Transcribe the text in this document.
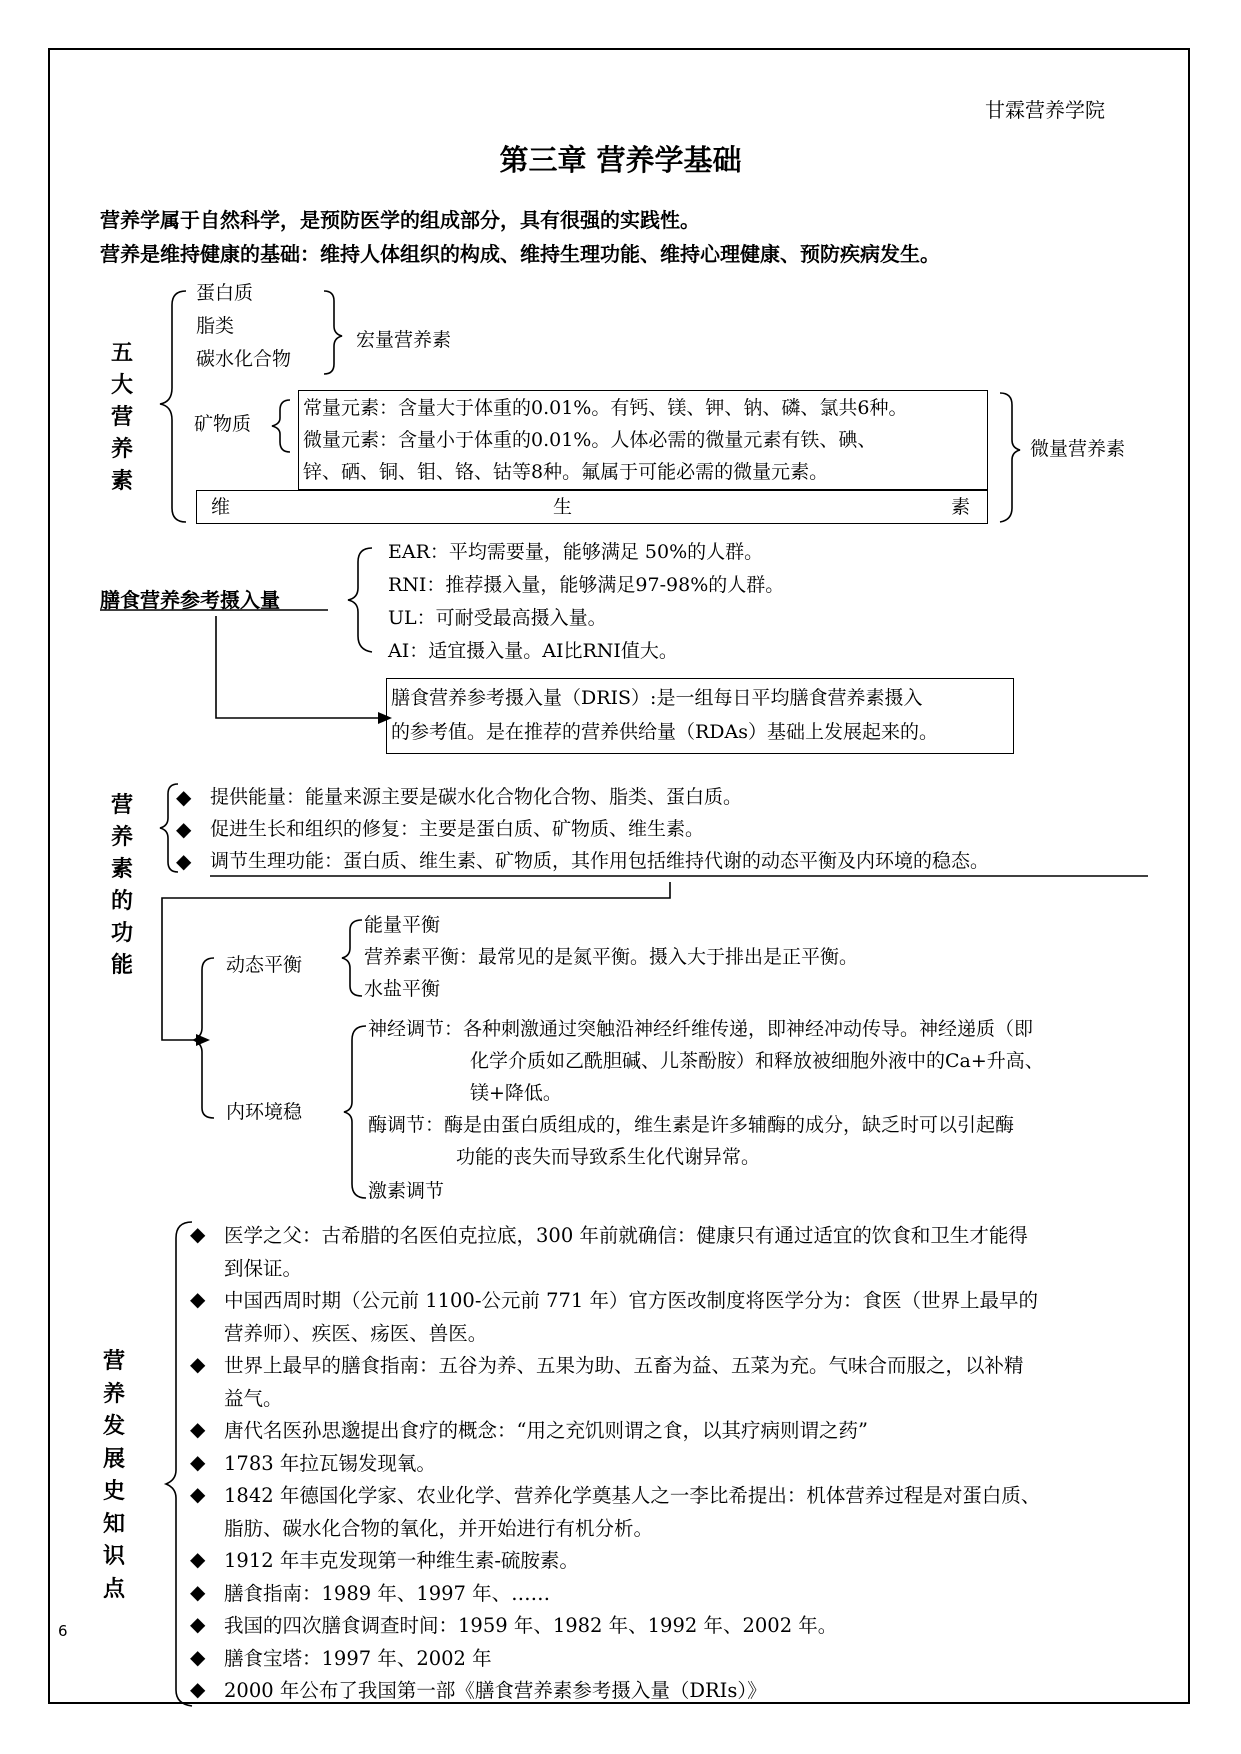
甘霖营养学院
第三章 营养学基础
营养学属于自然科学，是预防医学的组成部分，具有很强的实践性。
营养是维持健康的基础：维持人体组织的构成、维持生理功能、维持心理健康、预防疾病发生。
五大营养素
蛋白质
脂类
碳水化合物
宏量营养素
矿物质
常量元素：含量大于体重的0.01%。有钙、镁、钾、钠、磷、氯共6种。
微量元素：含量小于体重的0.01%。人体必需的微量元素有铁、碘、
锌、硒、铜、钼、铬、钴等8种。氟属于可能必需的微量元素。
维	生	素
微量营养素
膳食营养参考摄入量
EAR：平均需要量，能够满足 50%的人群。
RNI：推荐摄入量，能够满足97-98%的人群。
UL：可耐受最高摄入量。
AI：适宜摄入量。AI比RNI值大。
膳食营养参考摄入量（DRIS）:是一组每日平均膳食营养素摄入
的参考值。是在推荐的营养供给量（RDAs）基础上发展起来的。
营养素的功能
◆
◆
◆
提供能量：能量来源主要是碳水化合物化合物、脂类、蛋白质。
促进生长和组织的修复：主要是蛋白质、矿物质、维生素。
调节生理功能：蛋白质、维生素、矿物质，其作用包括维持代谢的动态平衡及内环境的稳态。
动态平衡
能量平衡
营养素平衡：最常见的是氮平衡。摄入大于排出是正平衡。
水盐平衡
内环境稳
神经调节：各种刺激通过突触沿神经纤维传递，即神经冲动传导。神经递质（即
化学介质如乙酰胆碱、儿茶酚胺）和释放被细胞外液中的Ca+升高、
镁+降低。
酶调节：酶是由蛋白质组成的，维生素是许多辅酶的成分，缺乏时可以引起酶
功能的丧失而导致系生化代谢异常。
激素调节
营养发展史知识点
◆ 医学之父：古希腊的名医伯克拉底，300 年前就确信：健康只有通过适宜的饮食和卫生才能得
到保证。
◆ 中国西周时期（公元前 1100-公元前 771 年）官方医改制度将医学分为：食医（世界上最早的
营养师）、疾医、疡医、兽医。
◆ 世界上最早的膳食指南：五谷为养、五果为助、五畜为益、五菜为充。气味合而服之，以补精
益气。
◆ 唐代名医孙思邈提出食疗的概念：“用之充饥则谓之食，以其疗病则谓之药”
◆ 1783 年拉瓦锡发现氧。
◆ 1842 年德国化学家、农业化学、营养化学奠基人之一李比希提出：机体营养过程是对蛋白质、
脂肪、碳水化合物的氧化，并开始进行有机分析。
◆ 1912 年丰克发现第一种维生素-硫胺素。
◆ 膳食指南：1989 年、1997 年、……
◆ 我国的四次膳食调查时间：1959 年、1982 年、1992 年、2002 年。
◆ 膳食宝塔：1997 年、2002 年
◆ 2000 年公布了我国第一部《膳食营养素参考摄入量（DRIs）》
6
